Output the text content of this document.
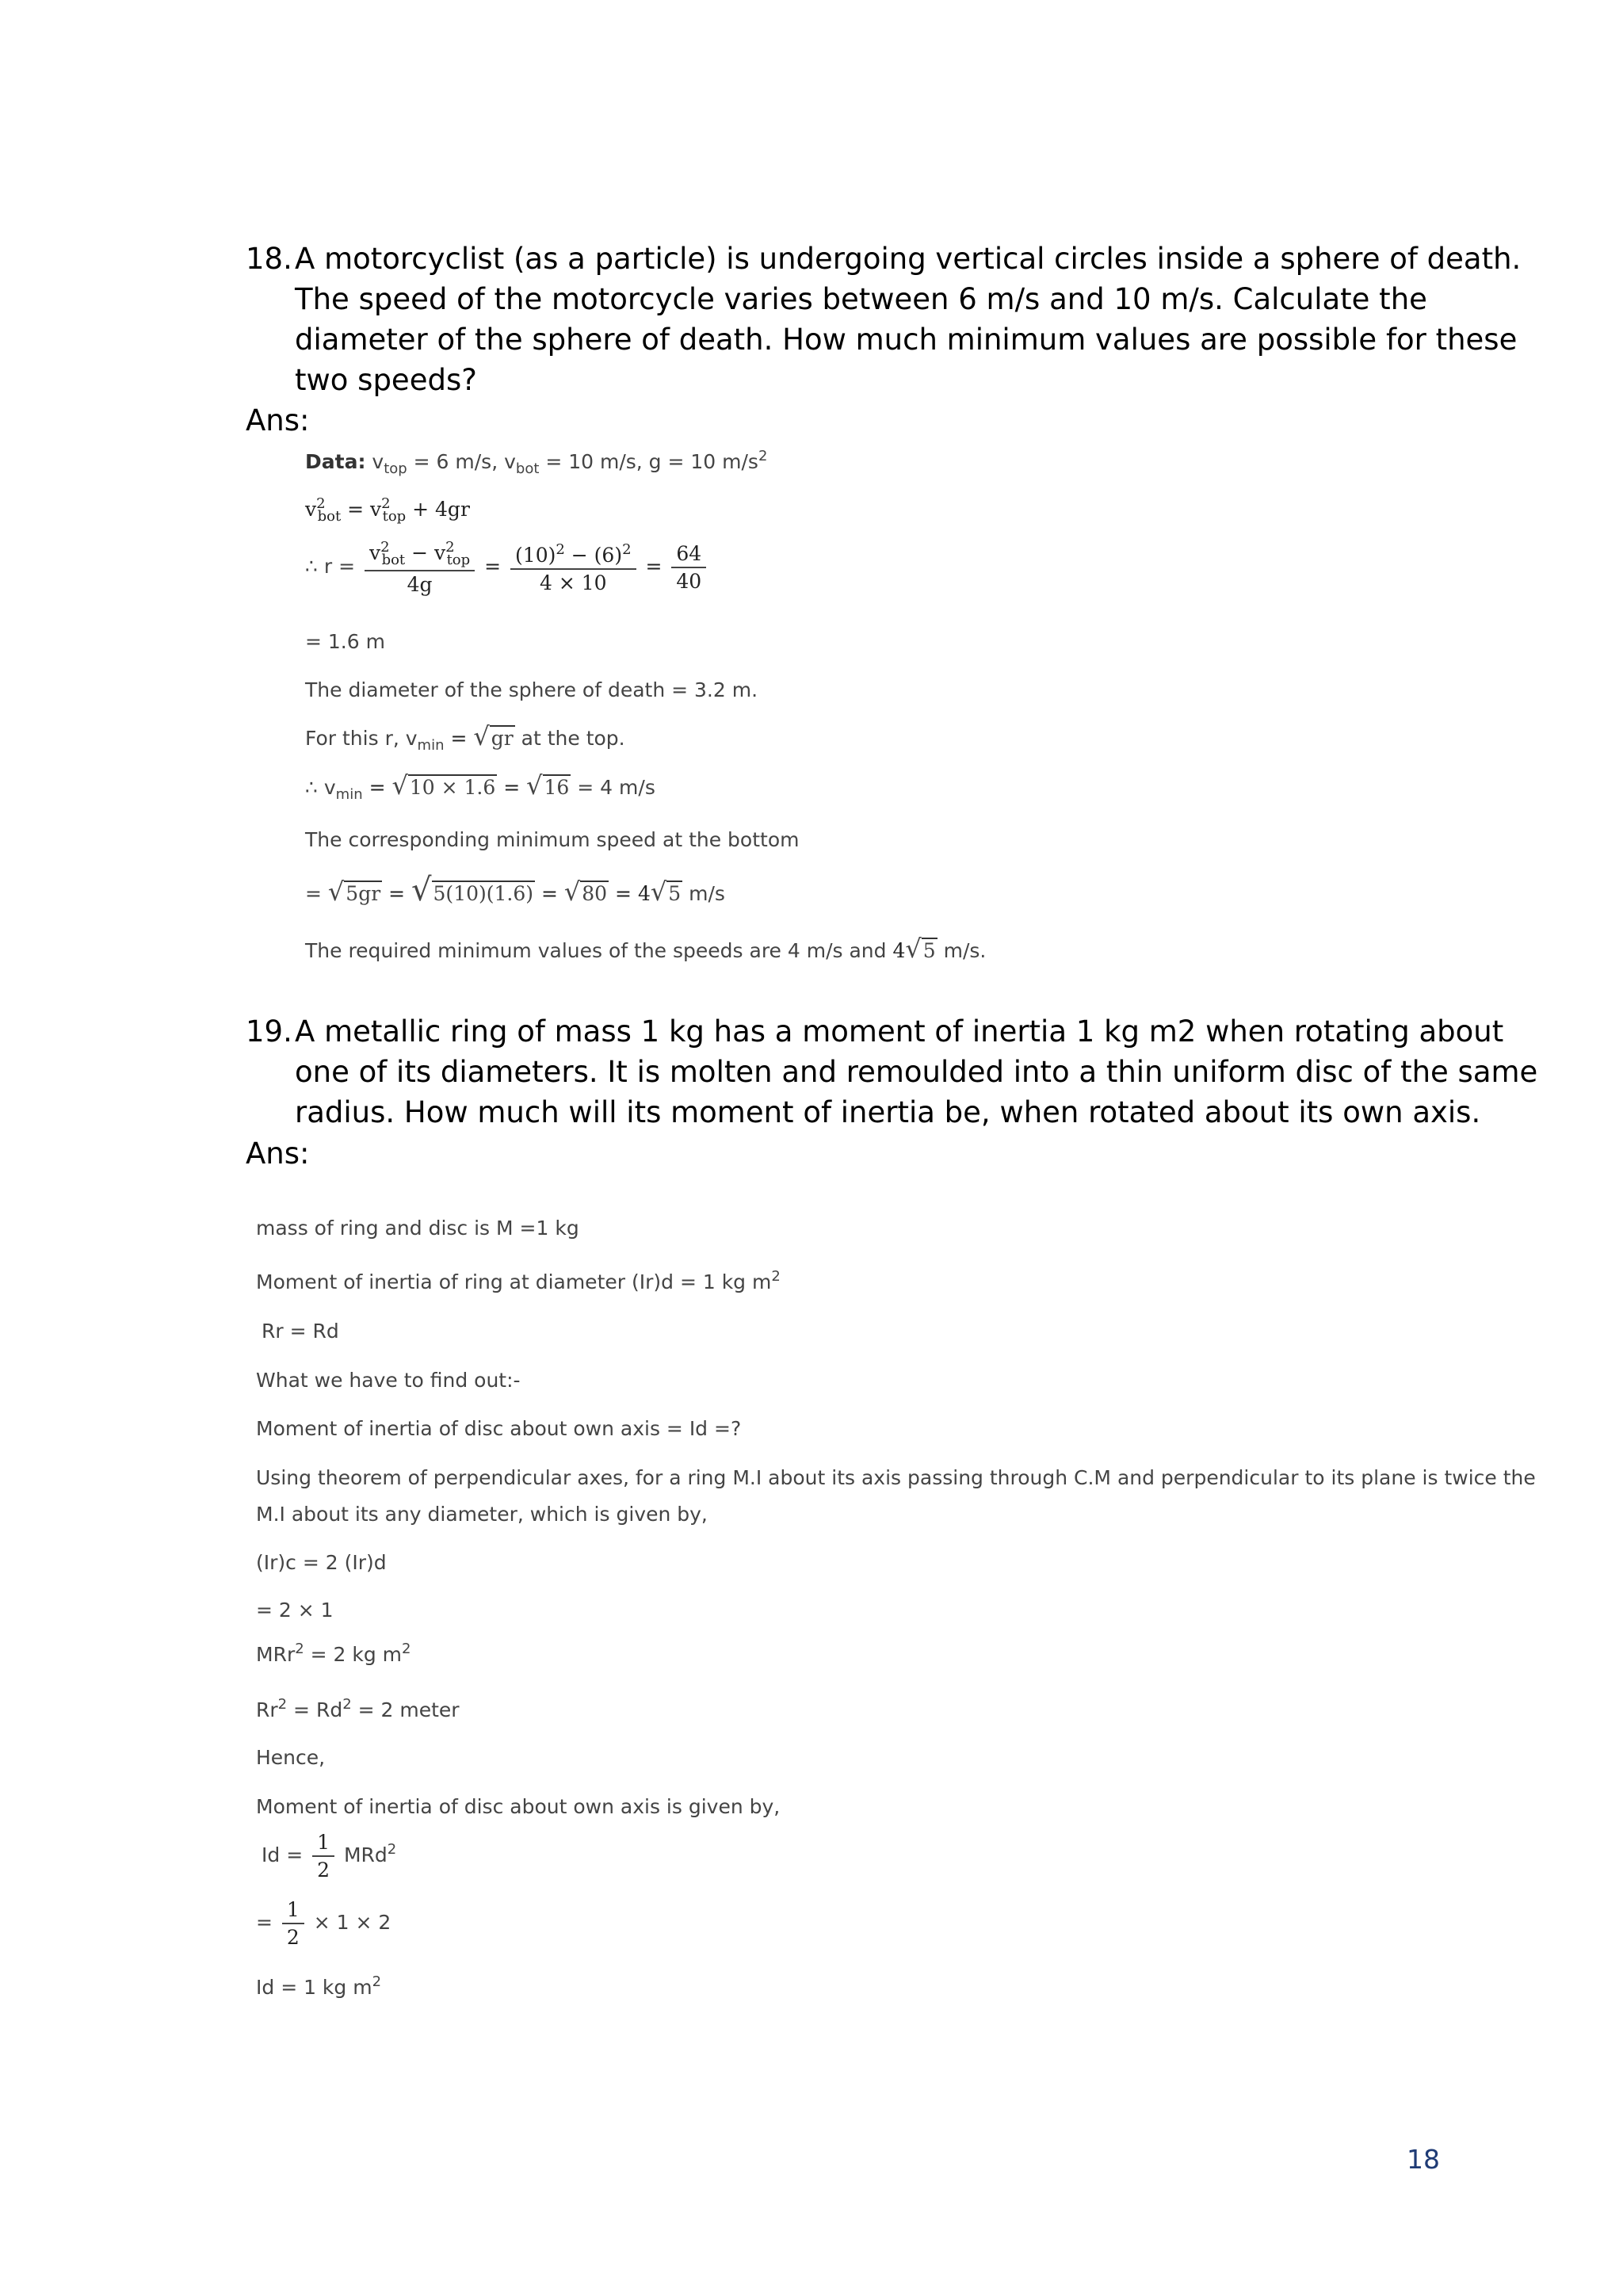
18. A motorcyclist (as a particle) is undergoing vertical circles inside a sphere of death.
The speed of the motorcycle varies between 6 m/s and 10 m/s. Calculate the
diameter of the sphere of death. How much minimum values are possible for these
two speeds?
Ans:
Data: $v_{top} = 6$ m/s, $v_{bot} = 10$ m/s, g = 10 $m/s^2$
$v^2_{bot} = v^2_{top} + 4gr$
∴ $r = \frac{v^2_{bot} - v^2_{top}}{4g} = \frac{(10)^2 - (6)^2}{4 \times 10} = \frac{64}{40}$
= 1.6 m
The diameter of the sphere of death = 3.2 m.
For this r, $v_{min} = √gr$ at the top.
∴ $v_{min} = √10 \times 1.6 = √16 = 4$ m/s
The corresponding minimum speed at the bottom
= √5gr = √5(10)(1.6) = √80 = 4√5 m/s
The required minimum values of the speeds are 4 m/s and 4√5 m/s.
19. A metallic ring of mass 1 kg has a moment of inertia 1 kg m2 when rotating about
one of its diameters. It is molten and remoulded into a thin uniform disc of the same
radius. How much will its moment of inertia be, when rotated about its own axis.
Ans:
mass of ring and disc is M =1 kg
Moment of inertia of ring at diameter (Ir)d = 1 kg $m^2$
Rr = Rd
What we have to find out:-
Moment of inertia of disc about own axis = Id =?
Using theorem of perpendicular axes, for a ring M.I about its axis passing through C.M and perpendicular to its plane is twice the
M.I about its any diameter, which is given by,
(Ir)c = 2 (Ir)d
= 2 × 1
MRr$^2$ = 2 kg $m^2$
$Rr^2 = Rd^2 = 2$ meter
Hence,
Moment of inertia of disc about own axis is given by,
$Id = \frac{1}{2} MRd^2$
= $\frac{1}{2} \times 1 \times 2$
Id = 1 kg $m^2$
18
